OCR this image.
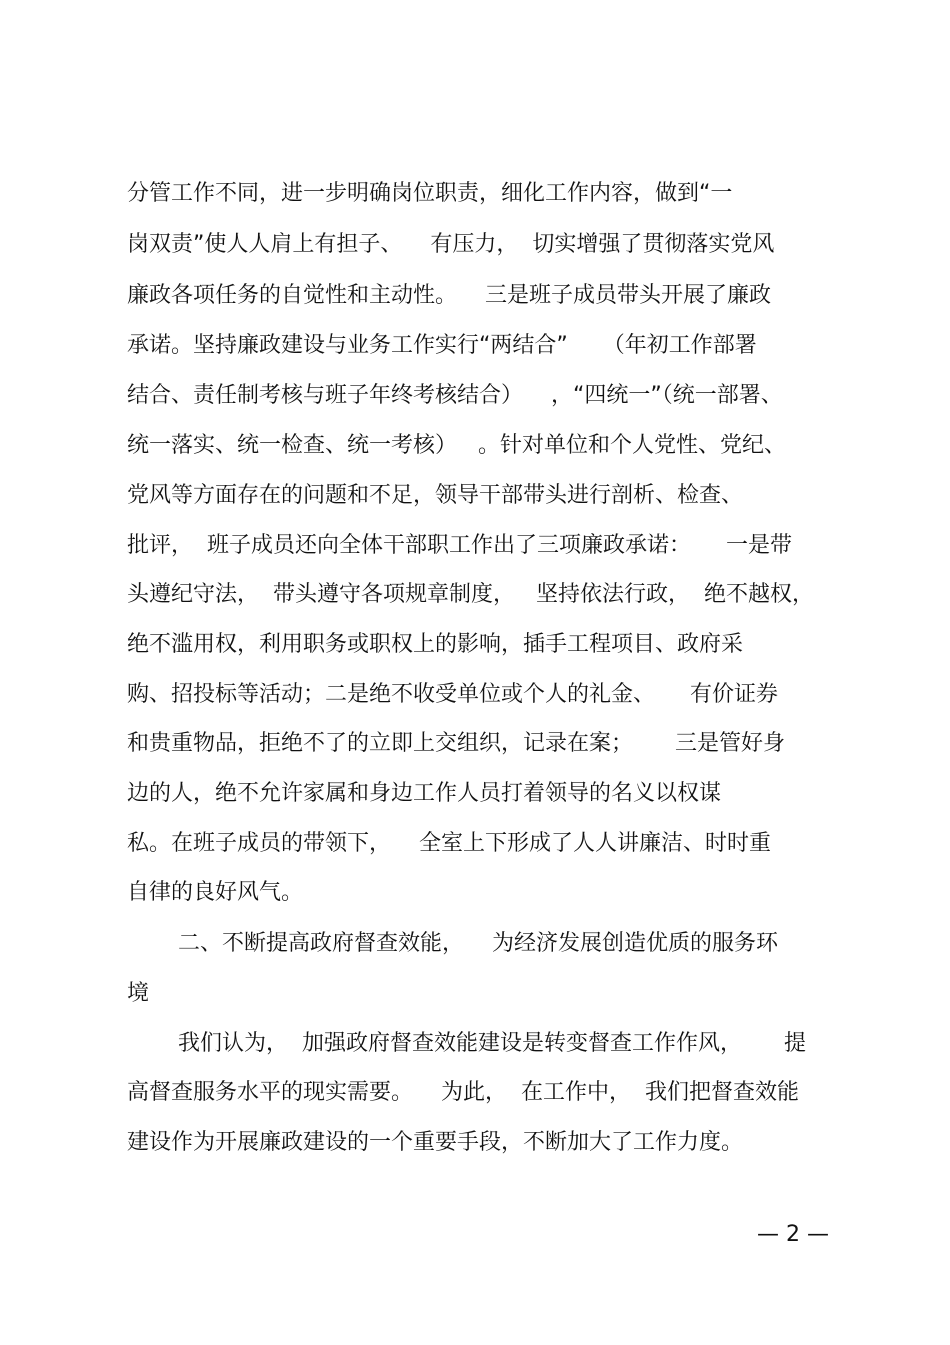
分管工作不同，进一步明确岗位职责，细化工作内容，做到“一
岗双责”使人人肩上有担子、    有压力，  切实增强了贯彻落实党风
廉政各项任务的自觉性和主动性。    三是班子成员带头开展了廉政
承诺。坚持廉政建设与业务工作实行“两结合”     （年初工作部署
结合、责任制考核与班子年终考核结合）    ，“四统一”（统一部署、
统一落实、统一检查、统一考核）   。针对单位和个人党性、党纪、
党风等方面存在的问题和不足，领导干部带头进行剖析、检查、
批评，  班子成员还向全体干部职工作出了三项廉政承诺：     一是带
头遵纪守法，  带头遵守各项规章制度，   坚持依法行政，  绝不越权，
绝不滥用权，利用职务或职权上的影响，插手工程项目、政府采
购、招投标等活动；二是绝不收受单位或个人的礼金、     有价证券
和贵重物品，拒绝不了的立即上交组织，记录在案；      三是管好身
边的人，绝不允许家属和身边工作人员打着领导的名义以权谋
私。在班子成员的带领下，    全室上下形成了人人讲廉洁、时时重
自律的良好风气。
二、不断提高政府督查效能，    为经济发展创造优质的服务环
境
我们认为，  加强政府督查效能建设是转变督查工作作风，      提
高督查服务水平的现实需要。    为此，  在工作中，  我们把督查效能
建设作为开展廉政建设的一个重要手段，不断加大了工作力度。
— 2 —
